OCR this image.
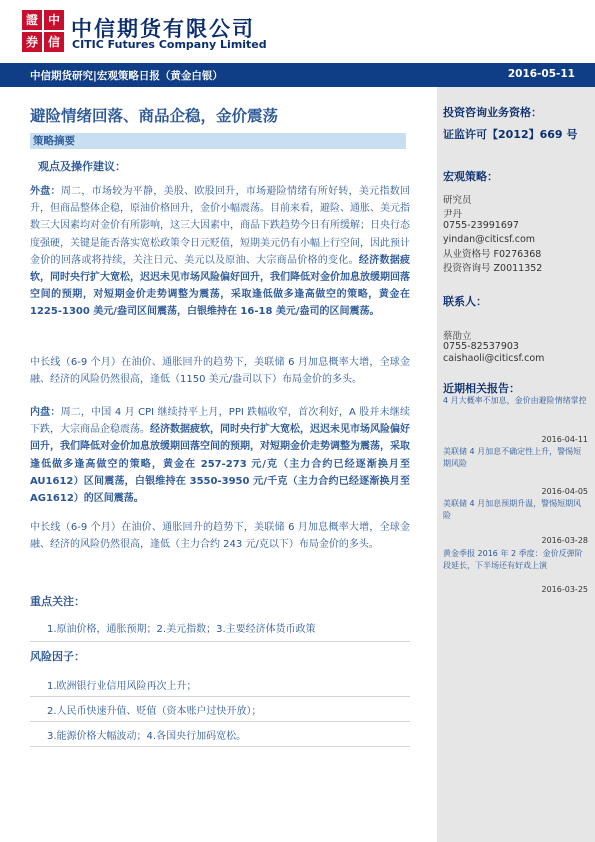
證 中
券 信
中信期货有限公司
CITIC Futures Company Limited
中信期货研究|宏观策略日报（黄金白银）	2016-05-11
避险情绪回落、商品企稳，金价震荡
策略摘要
观点及操作建议：
外盘：周二，市场较为平静，美股、欧股回升，市场避险情绪有所好转，美元指数回升，但商品整体企稳，原油价格回升，金价小幅震荡。目前来看，避险、通胀、美元指数三大因素均对金价有所影响，这三大因素中，商品下跌趋势今日有所缓解；日央行态度强硬，关键是能否落实宽松政策令日元贬值，短期美元仍有小幅上行空间，因此预计金价的回落或将持续，关注日元、美元以及原油、大宗商品价格的变化。经济数据疲软，同时央行扩大宽松，迟迟未见市场风险偏好回升，我们降低对金价加息放缓期回落空间的预期，对短期金价走势调整为震荡，采取逢低做多逢高做空的策略，黄金在 1225-1300 美元/盎司区间震荡，白银维持在 16-18 美元/盎司的区间震荡。
中长线（6-9 个月）在油价、通胀回升的趋势下，美联储 6 月加息概率大增，全球金融、经济的风险仍然很高，逢低（1150 美元/盎司以下）布局金价的多头。
内盘：周二，中国 4 月 CPI 继续持平上月，PPI 跌幅收窄，首次利好，A 股并未继续下跌，大宗商品企稳震荡。经济数据疲软，同时央行扩大宽松，迟迟未见市场风险偏好回升，我们降低对金价加息放缓期回落空间的预期，对短期金价走势调整为震荡，采取逢低做多逢高做空的策略，黄金在 257-273 元/克（主力合约已经逐渐换月至 AU1612）区间震荡，白银维持在 3550-3950 元/千克（主力合约已经逐渐换月至 AG1612）的区间震荡。
中长线（6-9 个月）在油价、通胀回升的趋势下，美联储 6 月加息概率大增，全球金融、经济的风险仍然很高，逢低（主力合约 243 元/克以下）布局金价的多头。
重点关注：
1.原油价格，通胀预期；2.美元指数；3.主要经济体货币政策
风险因子：
1.欧洲银行业信用风险再次上升；
2.人民币快速升值、贬值（资本账户过快开放）；
3.能源价格大幅波动；4.各国央行加码宽松。
投资咨询业务资格：
证监许可【2012】669 号
宏观策略：
研究员
尹丹
0755-23991697
yindan@citicsf.com
从业资格号 F0276368
投资咨询号 Z0011352
联系人：
蔡劭立
0755-82537903
caishaoli@citicsf.com
近期相关报告：
4 月大概率不加息，金价由避险情绪掌控
2016-04-11
美联储 4 月加息不确定性上升，警惕短期风险
2016-04-05
美联储 4 月加息预期升温，警惕短期风险
2016-03-28
黄金季报 2016 年 2 季度：金价反弹阶段延长，下半场还有好戏上演
2016-03-25
